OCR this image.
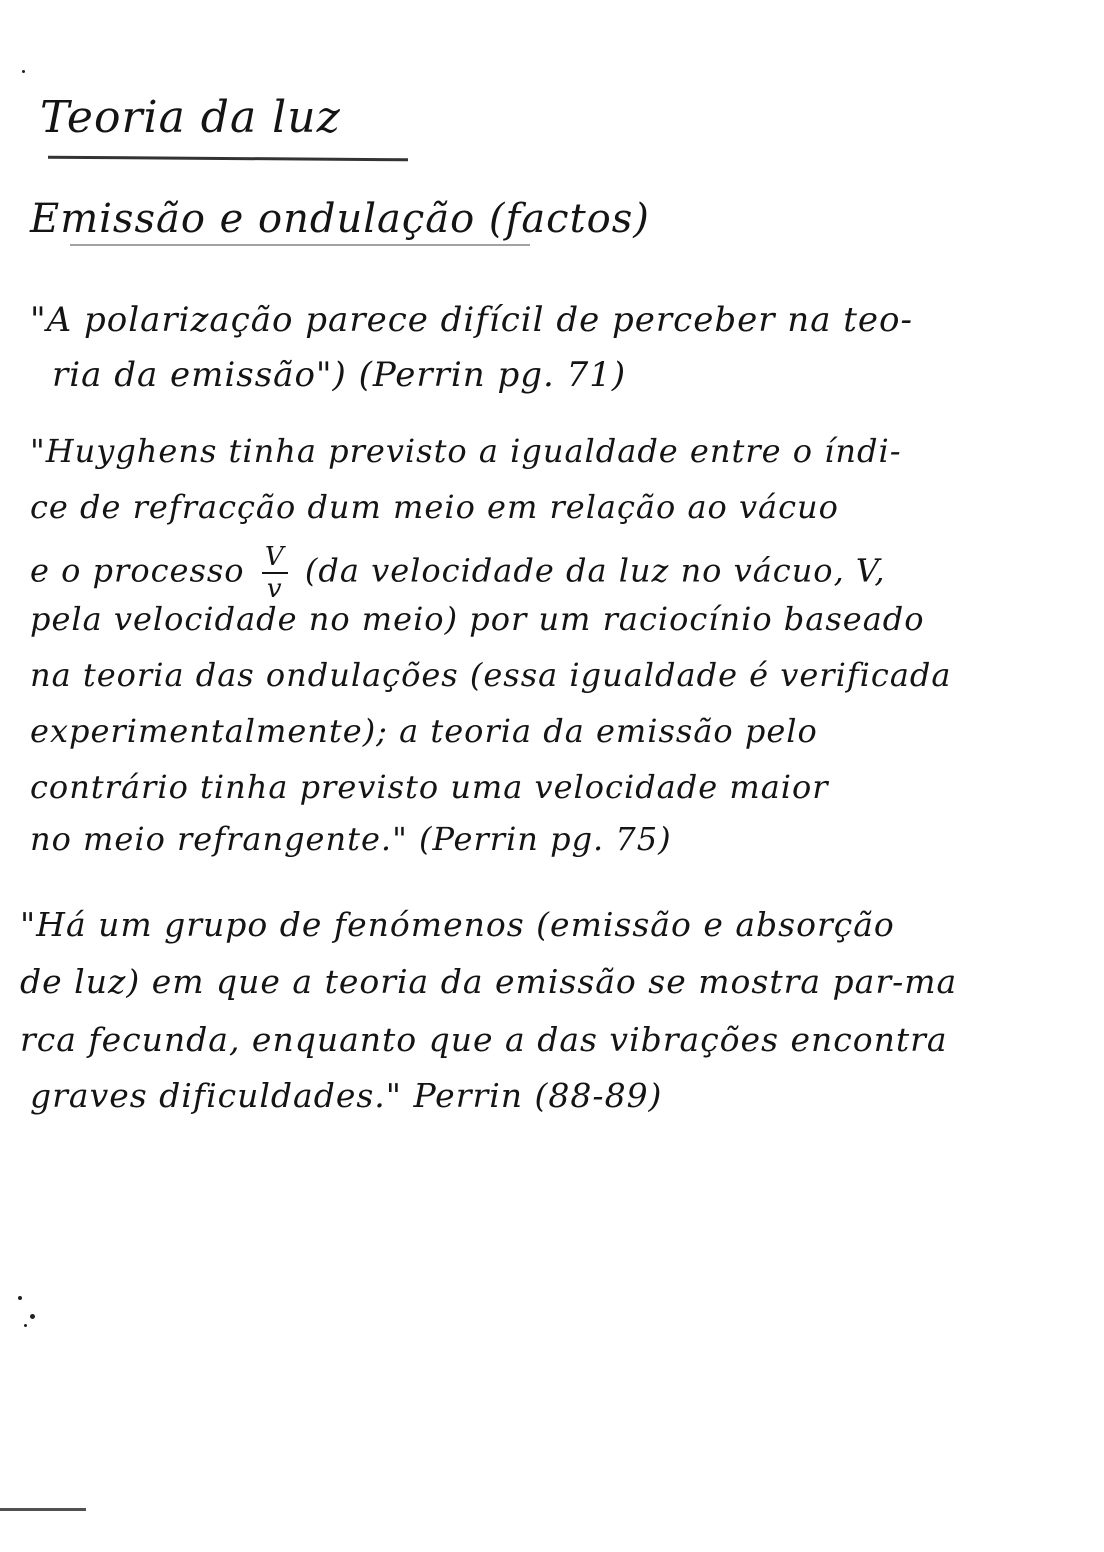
Teoria da luz
Emissão e ondulação (factos)
"A polarização parece difícil de perceber na teo-
ria da emissão") (Perrin pg. 71)
"Huyghens tinha previsto a igualdade entre o índi-
ce de refracção dum meio em relação ao vácuo
e o processo $\frac{V}{v} (da$ velocidade da luz no vácuo, V,
pela velocidade no meio) por um raciocínio baseado
na teoria das ondulações (essa igualdade é verificada
experimentalmente); a teoria da emissão pelo
contrário tinha previsto uma velocidade maior
no meio refrangente." (Perrin pg. 75)
"Há um grupo de fenómenos (emissão e absorção
de luz) em que a teoria da emissão se mostra par-ma
rca fecunda, enquanto que a das vibrações encontra
graves dificuldades." Perrin (88-89)
